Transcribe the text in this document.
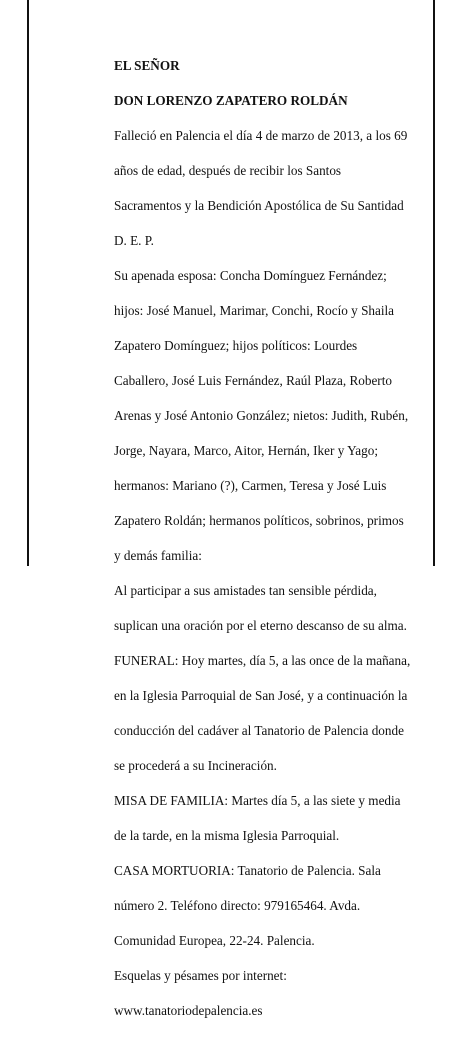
EL SEÑOR

DON LORENZO ZAPATERO ROLDÁN

Falleció en Palencia el día 4 de marzo de 2013, a los 69

años de edad, después de recibir los Santos

Sacramentos y la Bendición Apostólica de Su Santidad

D. E. P.

Su apenada esposa: Concha Domínguez Fernández;

hijos: José Manuel, Marimar, Conchi, Rocío y Shaila

Zapatero Domínguez; hijos políticos: Lourdes

Caballero, José Luis Fernández, Raúl Plaza, Roberto

Arenas y José Antonio González; nietos: Judith, Rubén,

Jorge, Nayara, Marco, Aitor, Hernán, Iker y Yago;

hermanos: Mariano (?), Carmen, Teresa y José Luis

Zapatero Roldán; hermanos políticos, sobrinos, primos

y demás familia:

Al participar a sus amistades tan sensible pérdida,

suplican una oración por el eterno descanso de su alma.

FUNERAL: Hoy martes, día 5, a las once de la mañana,

en la Iglesia Parroquial de San José, y a continuación la

conducción del cadáver al Tanatorio de Palencia donde

se procederá a su Incineración.

MISA DE FAMILIA: Martes día 5, a las siete y media

de la tarde, en la misma Iglesia Parroquial.

CASA MORTUORIA: Tanatorio de Palencia. Sala

número 2. Teléfono directo: 979165464. Avda.

Comunidad Europea, 22-24. Palencia.

Esquelas y pésames por internet:

www.tanatoriodepalencia.es
